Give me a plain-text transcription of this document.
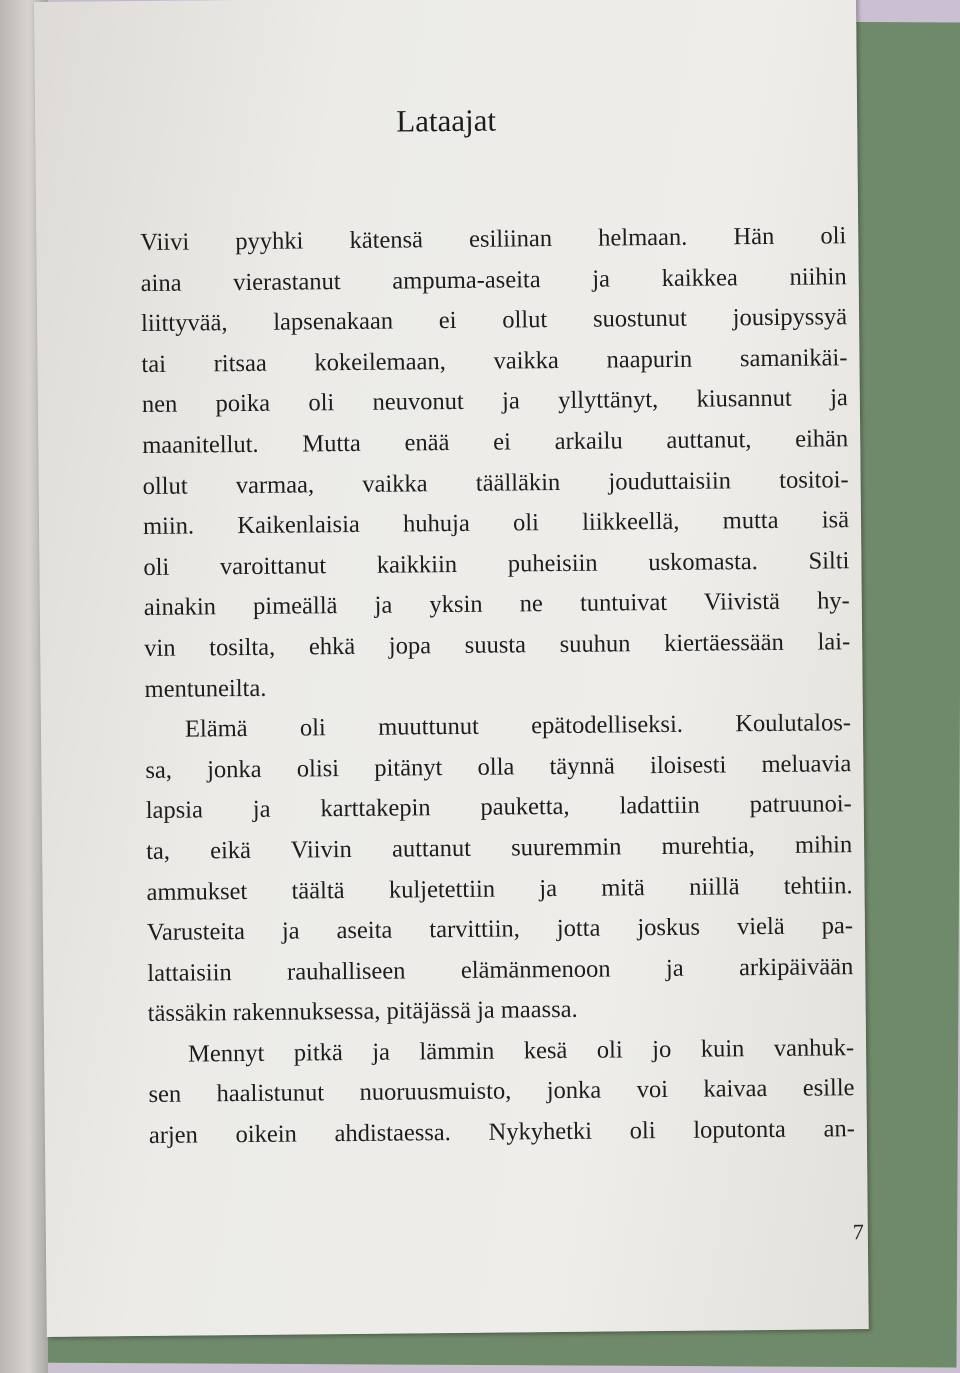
Lataajat
Viivi pyyhki kätensä esiliinan helmaan. Hän oli
aina vierastanut ampuma-aseita ja kaikkea niihin
liittyvää, lapsenakaan ei ollut suostunut jousipyssyä
tai ritsaa kokeilemaan, vaikka naapurin samanikäi-
nen poika oli neuvonut ja yllyttänyt, kiusannut ja
maanitellut. Mutta enää ei arkailu auttanut, eihän
ollut varmaa, vaikka täälläkin jouduttaisiin tositoi-
miin. Kaikenlaisia huhuja oli liikkeellä, mutta isä
oli varoittanut kaikkiin puheisiin uskomasta. Silti
ainakin pimeällä ja yksin ne tuntuivat Viivistä hy-
vin tosilta, ehkä jopa suusta suuhun kiertäessään lai-
mentuneilta.
Elämä oli muuttunut epätodelliseksi. Koulutalos-
sa, jonka olisi pitänyt olla täynnä iloisesti meluavia
lapsia ja karttakepin pauketta, ladattiin patruunoi-
ta, eikä Viivin auttanut suuremmin murehtia, mihin
ammukset täältä kuljetettiin ja mitä niillä tehtiin.
Varusteita ja aseita tarvittiin, jotta joskus vielä pa-
lattaisiin rauhalliseen elämänmenoon ja arkipäivään
tässäkin rakennuksessa, pitäjässä ja maassa.
Mennyt pitkä ja lämmin kesä oli jo kuin vanhuk-
sen haalistunut nuoruusmuisto, jonka voi kaivaa esille
arjen oikein ahdistaessa. Nykyhetki oli loputonta an-
7
